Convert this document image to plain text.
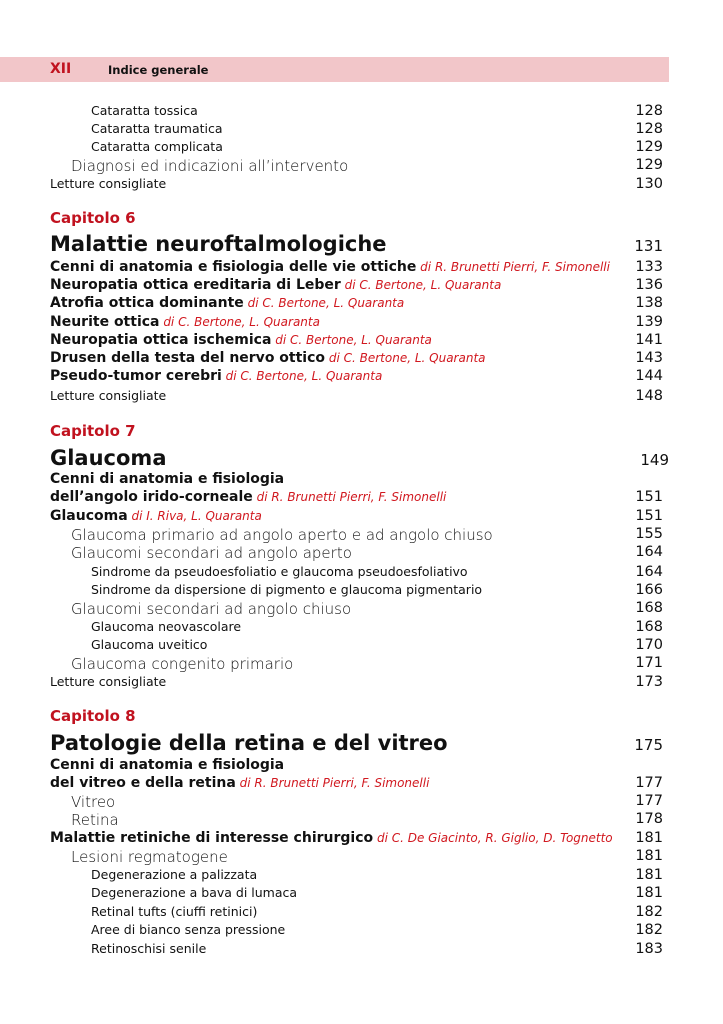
XII	Indice generale
Cataratta tossica	128
Cataratta traumatica	128
Cataratta complicata	129
Diagnosi ed indicazioni all’intervento	129
Letture consigliate	130
Capitolo 6
Malattie neuroftalmologiche	131
Cenni di anatomia e fisiologia delle vie ottiche di R. Brunetti Pierri, F. Simonelli 133
Neuropatia ottica ereditaria di Leber di C. Bertone, L. Quaranta	136
Atrofia ottica dominante di C. Bertone, L. Quaranta	138
Neurite ottica di C. Bertone, L. Quaranta	139
Neuropatia ottica ischemica di C. Bertone, L. Quaranta	141
Drusen della testa del nervo ottico di C. Bertone, L. Quaranta	143
Pseudo-tumor cerebri di C. Bertone, L. Quaranta	144
Letture consigliate	148
Capitolo 7
Glaucoma	149
Cenni di anatomia e fisiologia
dell’angolo irido-corneale di R. Brunetti Pierri, F. Simonelli	151
Glaucoma di I. Riva, L. Quaranta	151
Glaucoma primario ad angolo aperto e ad angolo chiuso	155
Glaucomi secondari ad angolo aperto	164
Sindrome da pseudoesfoliatio e glaucoma pseudoesfoliativo	164
Sindrome da dispersione di pigmento e glaucoma pigmentario	166
Glaucomi secondari ad angolo chiuso	168
Glaucoma neovascolare	168
Glaucoma uveitico	170
Glaucoma congenito primario	171
Letture consigliate	173
Capitolo 8
Patologie della retina e del vitreo	175
Cenni di anatomia e fisiologia
del vitreo e della retina di R. Brunetti Pierri, F. Simonelli	177
Vitreo	177
Retina	178
Malattie retiniche di interesse chirurgico di C. De Giacinto, R. Giglio, D. Tognetto 181
Lesioni regmatogene	181
Degenerazione a palizzata	181
Degenerazione a bava di lumaca	181
Retinal tufts (ciuffi retinici)	182
Aree di bianco senza pressione	182
Retinoschisi senile	183
